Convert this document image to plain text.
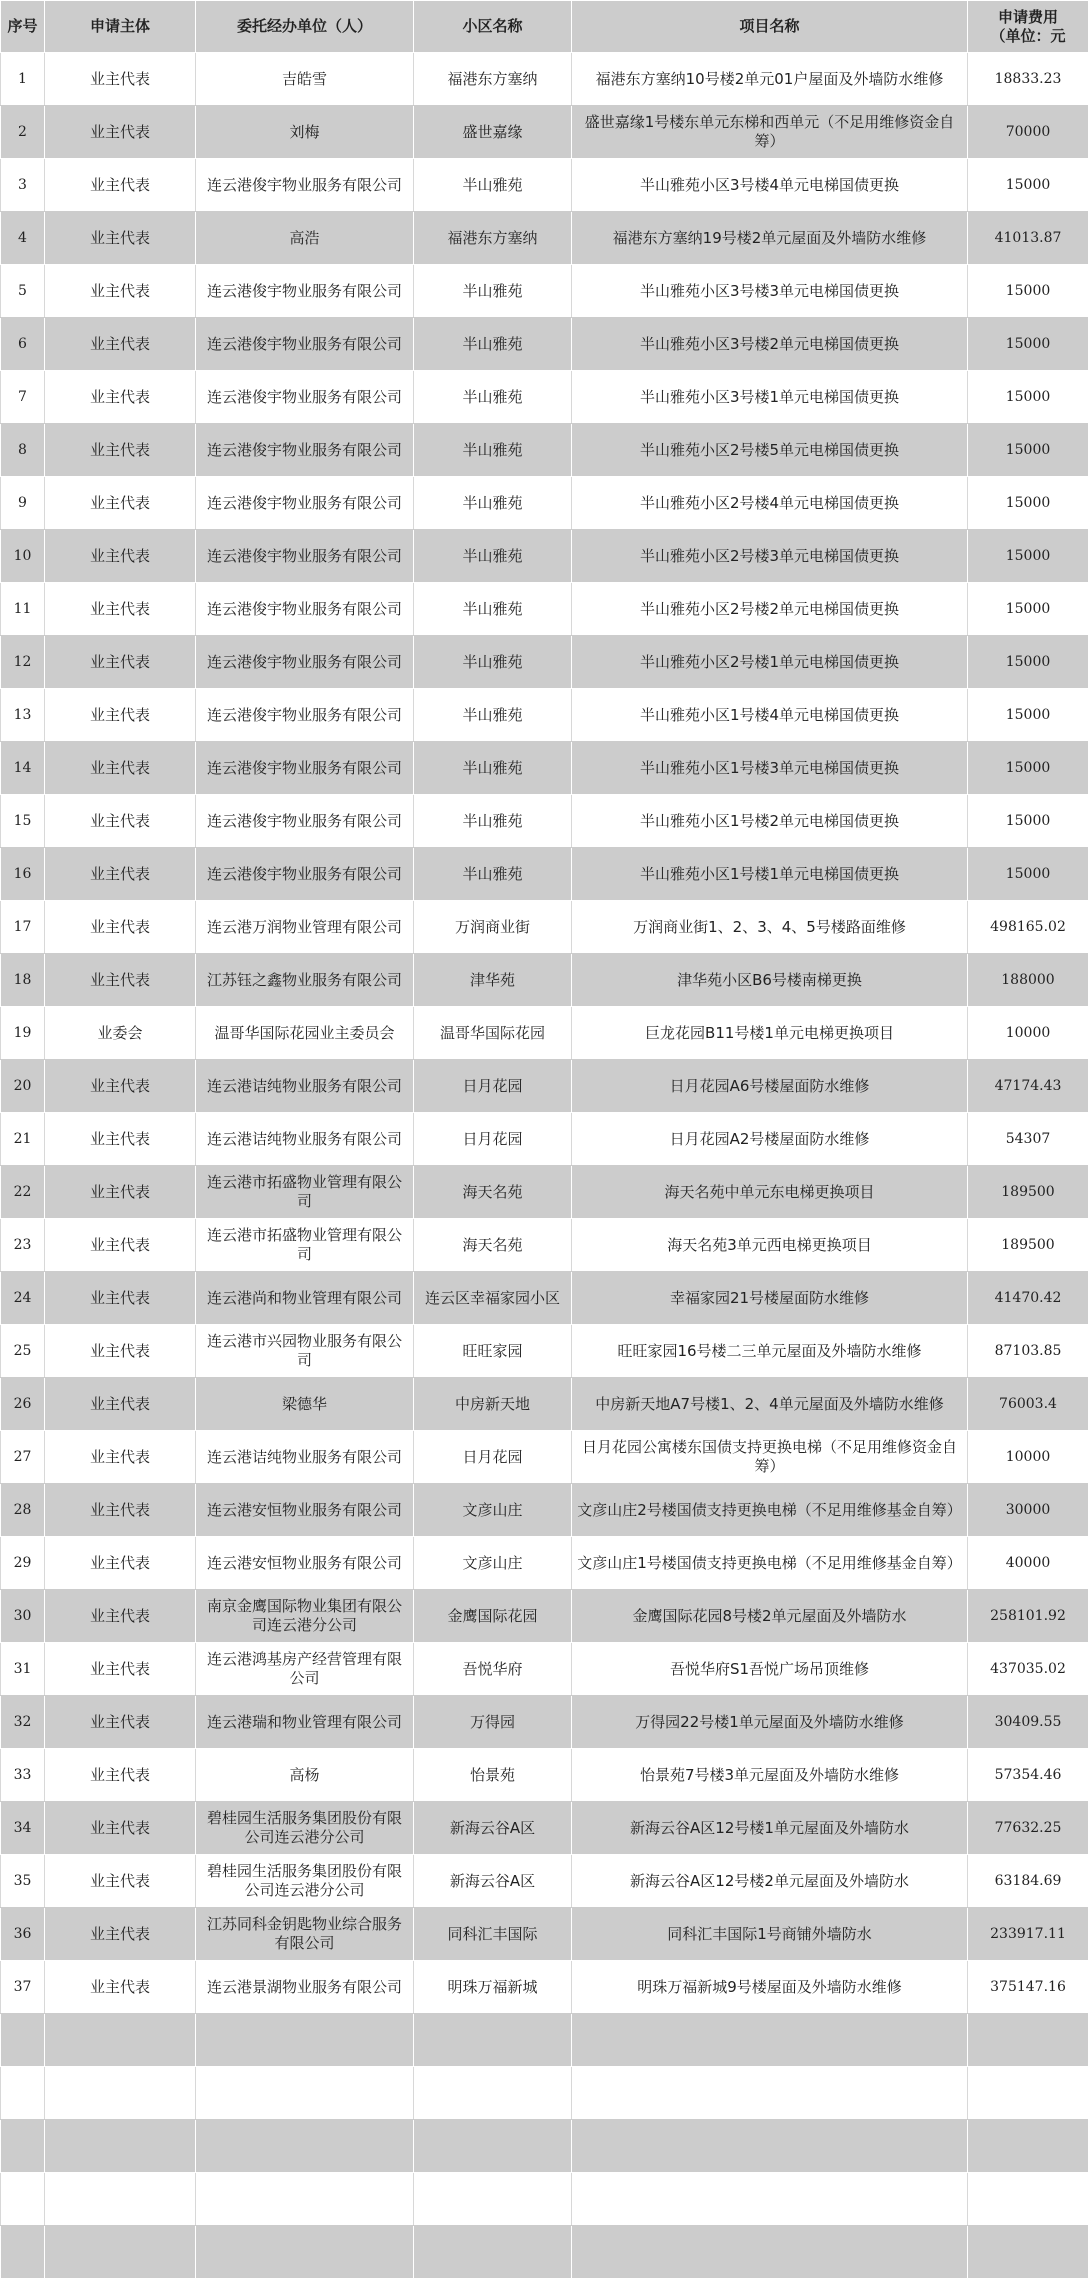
序号	申请主体	委托经办单位（人）	小区名称	项目名称	申请费用
（单位：元

1	业主代表	吉皓雪	福港东方塞纳	福港东方塞纳10号楼2单元01户屋面及外墙防水维修	18833.23
2	业主代表	刘梅	盛世嘉缘	盛世嘉缘1号楼东单元东梯和西单元（不足用维修资金自筹）	70000
3	业主代表	连云港俊宇物业服务有限公司	半山雅苑	半山雅苑小区3号楼4单元电梯国债更换	15000
4	业主代表	高浩	福港东方塞纳	福港东方塞纳19号楼2单元屋面及外墙防水维修	41013.87
5	业主代表	连云港俊宇物业服务有限公司	半山雅苑	半山雅苑小区3号楼3单元电梯国债更换	15000
6	业主代表	连云港俊宇物业服务有限公司	半山雅苑	半山雅苑小区3号楼2单元电梯国债更换	15000
7	业主代表	连云港俊宇物业服务有限公司	半山雅苑	半山雅苑小区3号楼1单元电梯国债更换	15000
8	业主代表	连云港俊宇物业服务有限公司	半山雅苑	半山雅苑小区2号楼5单元电梯国债更换	15000
9	业主代表	连云港俊宇物业服务有限公司	半山雅苑	半山雅苑小区2号楼4单元电梯国债更换	15000
10	业主代表	连云港俊宇物业服务有限公司	半山雅苑	半山雅苑小区2号楼3单元电梯国债更换	15000
11	业主代表	连云港俊宇物业服务有限公司	半山雅苑	半山雅苑小区2号楼2单元电梯国债更换	15000
12	业主代表	连云港俊宇物业服务有限公司	半山雅苑	半山雅苑小区2号楼1单元电梯国债更换	15000
13	业主代表	连云港俊宇物业服务有限公司	半山雅苑	半山雅苑小区1号楼4单元电梯国债更换	15000
14	业主代表	连云港俊宇物业服务有限公司	半山雅苑	半山雅苑小区1号楼3单元电梯国债更换	15000
15	业主代表	连云港俊宇物业服务有限公司	半山雅苑	半山雅苑小区1号楼2单元电梯国债更换	15000
16	业主代表	连云港俊宇物业服务有限公司	半山雅苑	半山雅苑小区1号楼1单元电梯国债更换	15000
17	业主代表	连云港万润物业管理有限公司	万润商业街	万润商业街1、2、3、4、5号楼路面维修	498165.02
18	业主代表	江苏钰之鑫物业服务有限公司	津华苑	津华苑小区B6号楼南梯更换	188000
19	业委会	温哥华国际花园业主委员会	温哥华国际花园	巨龙花园B11号楼1单元电梯更换项目	10000
20	业主代表	连云港诘纯物业服务有限公司	日月花园	日月花园A6号楼屋面防水维修	47174.43
21	业主代表	连云港诘纯物业服务有限公司	日月花园	日月花园A2号楼屋面防水维修	54307
22	业主代表	连云港市拓盛物业管理有限公司	海天名苑	海天名苑中单元东电梯更换项目	189500
23	业主代表	连云港市拓盛物业管理有限公司	海天名苑	海天名苑3单元西电梯更换项目	189500
24	业主代表	连云港尚和物业管理有限公司	连云区幸福家园小区	幸福家园21号楼屋面防水维修	41470.42
25	业主代表	连云港市兴园物业服务有限公司	旺旺家园	旺旺家园16号楼二三单元屋面及外墙防水维修	87103.85
26	业主代表	梁德华	中房新天地	中房新天地A7号楼1、2、4单元屋面及外墙防水维修	76003.4
27	业主代表	连云港诘纯物业服务有限公司	日月花园	日月花园公寓楼东国债支持更换电梯（不足用维修资金自筹）	10000
28	业主代表	连云港安恒物业服务有限公司	文彦山庄	文彦山庄2号楼国债支持更换电梯（不足用维修基金自筹）	30000
29	业主代表	连云港安恒物业服务有限公司	文彦山庄	文彦山庄1号楼国债支持更换电梯（不足用维修基金自筹）	40000
30	业主代表	南京金鹰国际物业集团有限公司连云港分公司	金鹰国际花园	金鹰国际花园8号楼2单元屋面及外墙防水	258101.92
31	业主代表	连云港鸿基房产经营管理有限公司	吾悦华府	吾悦华府S1吾悦广场吊顶维修	437035.02
32	业主代表	连云港瑞和物业管理有限公司	万得园	万得园22号楼1单元屋面及外墙防水维修	30409.55
33	业主代表	高杨	怡景苑	怡景苑7号楼3单元屋面及外墙防水维修	57354.46
34	业主代表	碧桂园生活服务集团股份有限公司连云港分公司	新海云谷A区	新海云谷A区12号楼1单元屋面及外墙防水	77632.25
35	业主代表	碧桂园生活服务集团股份有限公司连云港分公司	新海云谷A区	新海云谷A区12号楼2单元屋面及外墙防水	63184.69
36	业主代表	江苏同科金钥匙物业综合服务有限公司	同科汇丰国际	同科汇丰国际1号商铺外墙防水	233917.11
37	业主代表	连云港景湖物业服务有限公司	明珠万福新城	明珠万福新城9号楼屋面及外墙防水维修	375147.16
